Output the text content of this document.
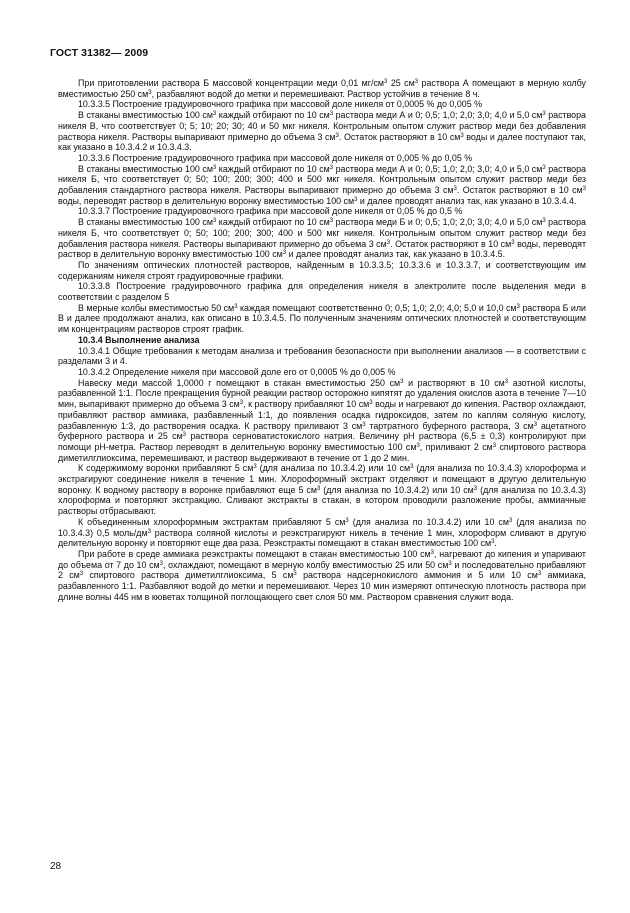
ГОСТ 31382— 2009

При приготовлении раствора Б массовой концентрации меди 0,01 $мг/см^3$ 25 $см^3$ раствора А помещают в мерную колбу вместимостью 250 $см^3$, разбавляют водой до метки и перемешивают. Раствор устойчив в течение 8 ч.

10.3.3.5 Построение градуировочного графика при массовой доле никеля от 0,0005 % до 0,005 %

В стаканы вместимостью 100 $см^3$ каждый отбирают по 10 $см^3$ раствора меди А и 0; 0,5; 1,0; 2,0; 3,0; 4,0 и 5,0 $см^3$ раствора никеля В, что соответствует 0; 5; 10; 20; 30; 40 и 50 мкг никеля. Контрольным опытом служит раствор меди без добавления раствора никеля. Растворы выпаривают примерно до объема 3 $см^3$. Остаток растворяют в 10 $см^3$ воды и далее поступают так, как указано в 10.3.4.2 и 10.3.4.3.

10.3.3.6 Построение градуировочного графика при массовой доле никеля от 0,005 % до 0,05 %

В стаканы вместимостью 100 $см^3$ каждый отбирают по 10 $см^3$ раствора меди А и 0; 0,5; 1,0; 2,0; 3,0; 4,0 и 5,0 $см^3$ раствора никеля Б, что соответствует 0; 50; 100; 200; 300; 400 и 500 мкг никеля. Контрольным опытом служит раствор меди без добавления стандартного раствора никеля. Растворы выпаривают примерно до объема 3 $см^3$. Остаток растворяют в 10 $см^3$ воды, переводят раствор в делительную воронку вместимостью 100 $см^3$ и далее проводят анализ так, как указано в 10.3.4.4.

10.3.3.7 Построение градуировочного графика при массовой доле никеля от 0,05 % до 0,5 %

В стаканы вместимостью 100 $см^3$ каждый отбирают по 10 $см^3$ раствора меди Б и 0; 0,5; 1,0; 2,0; 3,0; 4,0 и 5,0 $см^3$ раствора никеля Б, что соответствует 0; 50; 100; 200; 300; 400 и 500 мкг никеля. Контрольным опытом служит раствор меди без добавления раствора никеля. Растворы выпаривают примерно до объема 3 $см^3$. Остаток растворяют в 10 $см^3$ воды, переводят раствор в делительную воронку вместимостью 100 $см^3$ и далее проводят анализ так, как указано в 10.3.4.5.

По значениям оптических плотностей растворов, найденным в 10.3.3.5; 10.3.3.6 и 10.3.3.7, и соответствующим им содержаниям никеля строят градуировочные графики.

10.3.3.8 Построение градуировочного графика для определения никеля в электролите после выделения меди в соответствии с разделом 5

В мерные колбы вместимостью 50 $см^3$ каждая помещают соответственно 0; 0,5; 1,0; 2,0; 4,0; 5,0 и 10,0 $см^3$ раствора Б или В и далее продолжают анализ, как описано в 10.3.4.5. По полученным значениям оптических плотностей и соответствующим им концентрациям растворов строят график.

10.3.4 Выполнение анализа

10.3.4.1 Общие требования к методам анализа и требования безопасности при выполнении анализов — в соответствии с разделами 3 и 4.

10.3.4.2 Определение никеля при массовой доле его от 0,0005 % до 0,005 %

Навеску меди массой 1,0000 г помещают в стакан вместимостью 250 $см^3$ и растворяют в 10 $см^3$ азотной кислоты, разбавленной 1:1. После прекращения бурной реакции раствор осторожно кипятят до удаления окислов азота в течение 7—10 мин, выпаривают примерно до объема 3 $см^3$, к раствору прибавляют 10 $см^3$ воды и нагревают до кипения. Раствор охлаждают, прибавляют раствор аммиака, разбавленный 1:1, до появления осадка гидроксидов, затем по каплям соляную кислоту, разбавленную 1:3, до растворения осадка. К раствору приливают 3 $см^3$ тартратного буферного раствора, 3 $см^3$ ацетатного буферного раствора и 25 $см^3$ раствора серноватистокислого натрия. Величину рН раствора (6,5 ± 0,3) контролируют при помощи рН-метра. Раствор переводят в делительную воронку вместимостью 100 $см^3$, приливают 2 $см^3$ спиртового раствора диметилглиоксима, перемешивают, и раствор выдерживают в течение от 1 до 2 мин.

К содержимому воронки прибавляют 5 $см^3$ (для анализа по 10.3.4.2) или 10 $см^3$ (для анализа по 10.3.4.3) хлороформа и экстрагируют соединение никеля в течение 1 мин. Хлороформный экстракт отделяют и помещают в другую делительную воронку. К водному раствору в воронке прибавляют еще 5 $см^3$ (для анализа по 10.3.4.2) или 10 $см^3$ (для анализа по 10.3.4.3) хлороформа и повторяют экстракцию. Сливают экстракты в стакан, в котором проводили разложение пробы, аммиачные растворы отбрасывают.

К объединенным хлороформным экстрактам прибавляют 5 $см^3$ (для анализа по 10.3.4.2) или 10 $см^3$ (для анализа по 10.3.4.3) 0,5 моль/$дм^3$ раствора соляной кислоты и реэкстрагируют никель в течение 1 мин, хлороформ сливают в другую делительную воронку и повторяют еще два раза. Реэкстракты помещают в стакан вместимостью 100 $см^3$.

При работе в среде аммиака реэкстракты помещают в стакан вместимостью 100 $см^3$, нагревают до кипения и упаривают до объема от 7 до 10 $см^3$, охлаждают, помещают в мерную колбу вместимостью 25 или 50 $см^3$ и последовательно прибавляют 2 $см^3$ спиртового раствора диметилглиоксима, 5 $см^3$ раствора надсернокислого аммония и 5 или 10 $см^3$ аммиака, разбавленного 1:1. Разбавляют водой до метки и перемешивают. Через 10 мин измеряют оптическую плотность раствора при длине волны 445 нм в кюветах толщиной поглощающего свет слоя 50 мм. Раствором сравнения служит вода.

28
